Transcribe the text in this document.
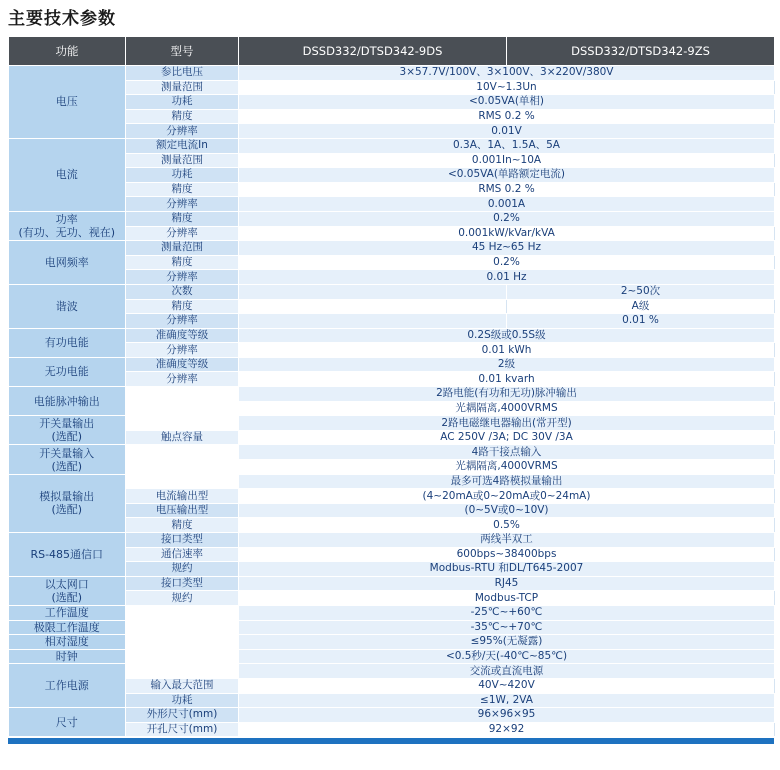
主要技术参数
功能	型号	DSSD332/DTSD342-9DS	DSSD332/DTSD342-9ZS

电压	参比电压	3×57.7V/100V、3×100V、3×220V/380V	
	测量范围	10V~1.3Un	
	功耗	<0.05VA(单相)	
	精度	RMS 0.2 %	
	分辨率	0.01V	

电流	额定电流In	0.3A、1A、1.5A、5A	
	测量范围	0.001In~10A	
	功耗	<0.05VA(单路额定电流)	
	精度	RMS 0.2 %	
	分辨率	0.001A	

功率
(有功、无功、视在)	精度	0.2%	
	分辨率	0.001kW/kVar/kVA	

电网频率	测量范围	45 Hz~65 Hz	
	精度	0.2%	
	分辨率	0.01 Hz	

谐波	次数		2~50次
	精度		A级
	分辨率		0.01 %

有功电能	准确度等级	0.2S级或0.5S级	
	分辨率	0.01 kWh	

无功电能	准确度等级	2级	
	分辨率	0.01 kvarh	

电能脉冲输出		2路电能(有功和无功)脉冲输出	
		光耦隔离,4000VRMS	

开关量输出
(选配)		2路电磁继电器输出(常开型)	
	触点容量	AC 250V /3A; DC 30V /3A	

开关量输入
(选配)		4路干接点输入	
		光耦隔离,4000VRMS	

模拟量输出
(选配)		最多可选4路模拟量输出	
	电流输出型	(4~20mA或0~20mA或0~24mA)	
	电压输出型	(0~5V或0~10V)	
	精度	0.5%	

RS-485通信口	接口类型	两线半双工	
	通信速率	600bps~38400bps	
	规约	Modbus-RTU 和DL/T645-2007	

以太网口
(选配)	接口类型	RJ45	
	规约	Modbus-TCP	

工作温度		-25℃~+60℃	

极限工作温度		-35℃~+70℃	

相对湿度		≤95%(无凝露)	

时钟		<0.5秒/天(-40℃~85℃)	

工作电源		交流或直流电源	
	输入最大范围	40V~420V	
	功耗	≤1W, 2VA	

尺寸	外形尺寸(mm)	96×96×95	
	开孔尺寸(mm)	92×92	
